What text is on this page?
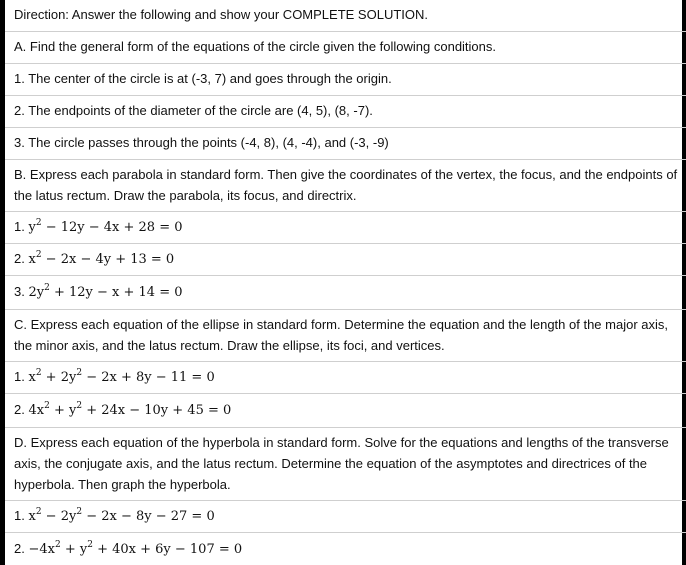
Direction: Answer the following and show your COMPLETE SOLUTION.
A. Find the general form of the equations of the circle given the following conditions.
1. The center of the circle is at (-3, 7) and goes through the origin.
2. The endpoints of the diameter of the circle are (4, 5), (8, -7).
3. The circle passes through the points (-4, 8), (4, -4), and (-3, -9)
B. Express each parabola in standard form. Then give the coordinates of the vertex, the focus, and the endpoints of the latus rectum. Draw the parabola, its focus, and directrix.
1. $y^2 - 12y - 4x + 28 = 0$
2. $x^2 - 2x - 4y + 13 = 0$
3. $2y^2 + 12y - x + 14 = 0$
C. Express each equation of the ellipse in standard form. Determine the equation and the length of the major axis, the minor axis, and the latus rectum. Draw the ellipse, its foci, and vertices.
1. $x^2 + 2y^2 - 2x + 8y - 11 = 0$
2. $4x^2 + y^2 + 24x - 10y + 45 = 0$
D. Express each equation of the hyperbola in standard form. Solve for the equations and lengths of the transverse axis, the conjugate axis, and the latus rectum. Determine the equation of the asymptotes and directrices of the hyperbola. Then graph the hyperbola.
1. $x^2 - 2y^2 - 2x - 8y - 27 = 0$
2. $-4x^2 + y^2 + 40x + 6y - 107 = 0$
